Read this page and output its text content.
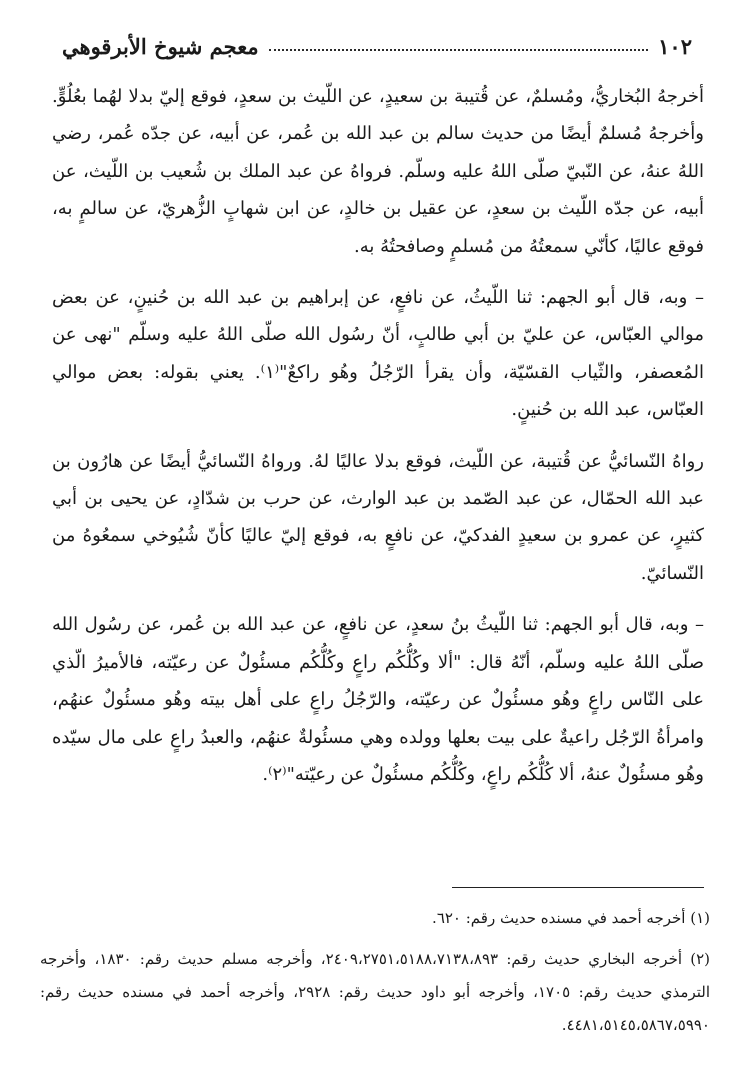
١٠٢
معجم شيوخ الأبرقوهي

أخرجهُ البُخاريُّ، ومُسلمٌ، عن قُتيبة بن سعيدٍ، عن اللّيث بن سعدٍ، فوقع إليّ بدلا لهُما بعُلُوٍّ. وأخرجهُ مُسلمٌ أيضًا من حديث سالم بن عبد الله بن عُمر، عن أبيه، عن جدّه عُمر، رضي اللهُ عنهُ، عن النّبيّ صلّى اللهُ عليه وسلّم. فرواهُ عن عبد الملك بن شُعيب بن اللّيث، عن أبيه، عن جدّه اللّيث بن سعدٍ، عن عقيل بن خالدٍ، عن ابن شهابٍ الزُّهريّ، عن سالمٍ به، فوقع عاليًا، كأنّي سمعتُهُ من مُسلمٍ وصافحتُهُ به.

– وبه، قال أبو الجهم: ثنا اللّيثُ، عن نافعٍ، عن إبراهيم بن عبد الله بن حُنينٍ، عن بعض موالي العبّاس، عن عليّ بن أبي طالبٍ، أنّ رسُول الله صلّى اللهُ عليه وسلّم "نهى عن المُعصفر، والثّياب القسّيّة، وأن يقرأ الرّجُلُ وهُو راكعٌ"⁽١⁾. يعني بقوله: بعض موالي العبّاس، عبد الله بن حُنينٍ.

رواهُ النّسائيُّ عن قُتيبة، عن اللّيث، فوقع بدلا عاليًا لهُ. ورواهُ النّسائيُّ أيضًا عن هارُون بن عبد الله الحمّال، عن عبد الصّمد بن عبد الوارث، عن حرب بن شدّادٍ، عن يحيى بن أبي كثيرٍ، عن عمرو بن سعيدٍ الفدكيّ، عن نافعٍ به، فوقع إليّ عاليًا كأنّ شُيُوخي سمعُوهُ من النّسائيّ.

– وبه، قال أبو الجهم: ثنا اللّيثُ بنُ سعدٍ، عن نافعٍ، عن عبد الله بن عُمر، عن رسُول الله صلّى اللهُ عليه وسلّم، أنّهُ قال: "ألا وكُلُّكُم راعٍ وكُلُّكُم مسئُولٌ عن رعيّته، فالأميرُ الّذي على النّاس راعٍ وهُو مسئُولٌ عن رعيّته، والرّجُلُ راعٍ على أهل بيته وهُو مسئُولٌ عنهُم، وامرأةُ الرّجُل راعيةٌ على بيت بعلها وولده وهي مسئُولةٌ عنهُم، والعبدُ راعٍ على مال سيّده وهُو مسئُولٌ عنهُ، ألا كُلُّكُم راعٍ، وكُلُّكُم مسئُولٌ عن رعيّته"⁽٢⁾.

(١) أخرجه أحمد في مسنده حديث رقم: ٦٢٠.

(٢) أخرجه البخاري حديث رقم: ٢٤٠٩،٢٧٥١،٥١٨٨،٧١٣٨،٨٩٣، وأخرجه مسلم حديث رقم: ١٨٣٠، وأخرجه الترمذي حديث رقم: ١٧٠٥، وأخرجه أبو داود حديث رقم: ٢٩٢٨، وأخرجه أحمد في مسنده حديث رقم: ٤٤٨١،٥١٤٥،٥٨٦٧،٥٩٩٠.
